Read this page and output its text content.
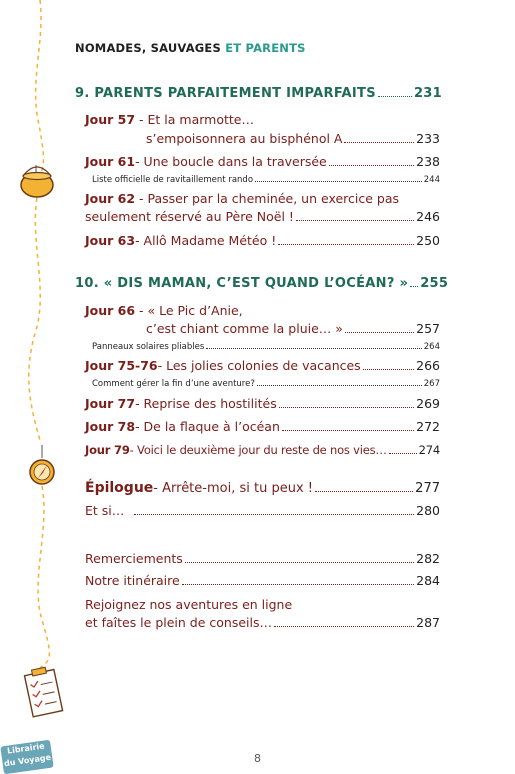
NOMADES, SAUVAGES ET PARENTS
9. PARENTS PARFAITEMENT IMPARFAITS	231
Jour 57 - Et la marmotte…
s’empoisonnera au bisphénol A	233
Jour 61 - Une boucle dans la traversée	238
Liste officielle de ravitaillement rando	244
Jour 62 - Passer par la cheminée, un exercice pas
seulement réservé au Père Noël !	246
Jour 63 - Allô Madame Météo !	250
10. « DIS MAMAN, C’EST QUAND L’OCÉAN? » 255
Jour 66 - « Le Pic d’Anie,
c’est chiant comme la pluie… »	257
Panneaux solaires pliables	264
Jour 75-76 - Les jolies colonies de vacances	266
Comment gérer la fin d’une aventure?	267
Jour 77 - Reprise des hostilités	269
Jour 78 - De la flaque à l’océan	272
Jour 79 - Voici le deuxième jour du reste de nos vies…	274
Épilogue - Arrête-moi, si tu peux !	277
Et si…	280
Remerciements	282
Notre itinéraire	284
Rejoignez nos aventures en ligne
et faîtes le plein de conseils…	287
Librairie
du Voyage	8
